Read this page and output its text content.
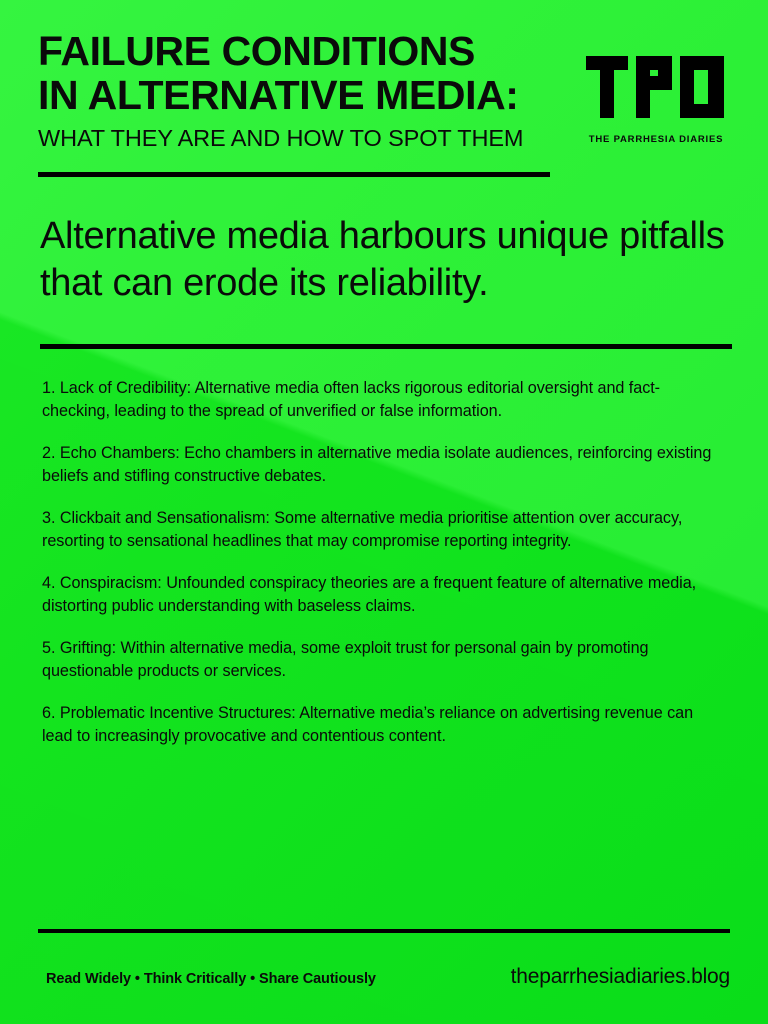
FAILURE CONDITIONS
IN ALTERNATIVE MEDIA:
WHAT THEY ARE AND HOW TO SPOT THEM	THE PARRHESIA DIARIES
Alternative media harbours unique pitfalls that can erode its reliability.

1. Lack of Credibility: Alternative media often lacks rigorous editorial oversight and fact-checking, leading to the spread of unverified or false information.

2. Echo Chambers: Echo chambers in alternative media isolate audiences, reinforcing existing beliefs and stifling constructive debates.

3. Clickbait and Sensationalism: Some alternative media prioritise attention over accuracy, resorting to sensational headlines that may compromise reporting integrity.

4. Conspiracism: Unfounded conspiracy theories are a frequent feature of alternative media, distorting public understanding with baseless claims.

5. Grifting: Within alternative media, some exploit trust for personal gain by promoting questionable products or services.

6. Problematic Incentive Structures: Alternative media’s reliance on advertising revenue can lead to increasingly provocative and contentious content.

Read Widely • Think Critically • Share Cautiously	theparrhesiadiaries.blog
